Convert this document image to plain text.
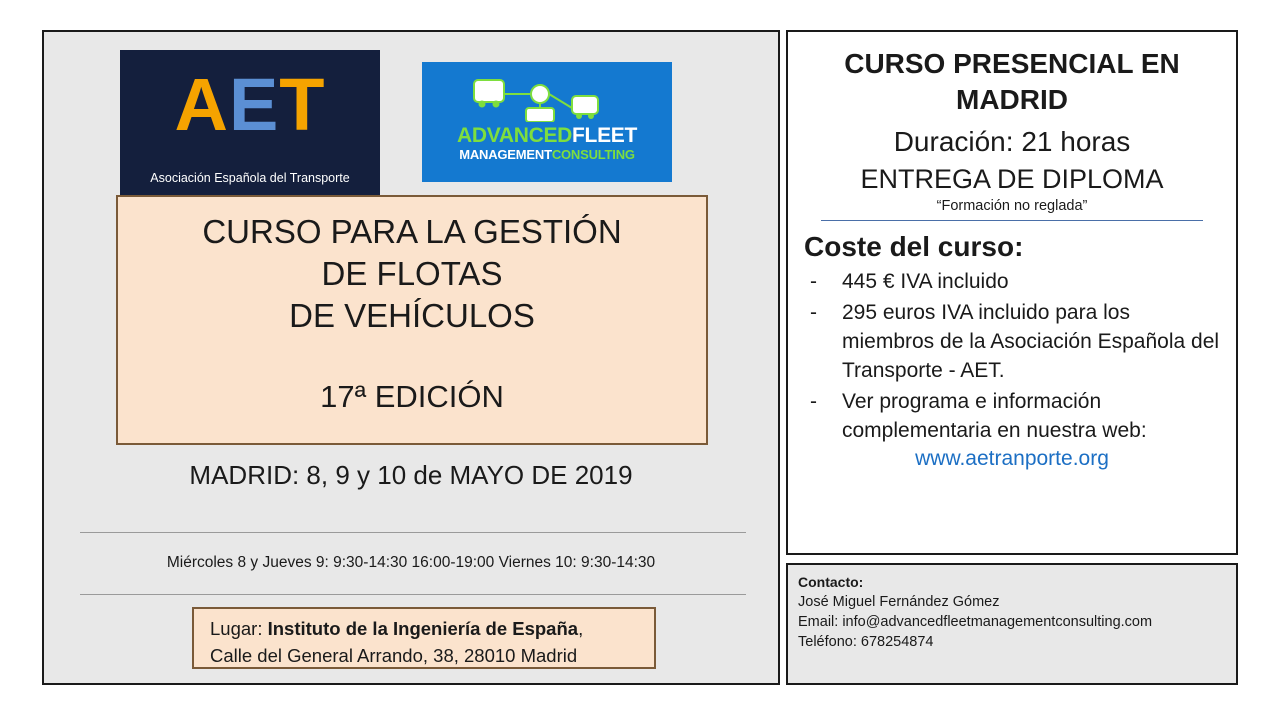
AET
Asociación Española del Transporte
ADVANCEDFLEET
MANAGEMENTCONSULTING
CURSO PARA LA GESTIÓN
DE FLOTAS
DE VEHÍCULOS
17ª EDICIÓN
MADRID: 8, 9 y 10 de MAYO DE 2019
Miércoles 8 y Jueves 9: 9:30-14:30 16:00-19:00 Viernes 10: 9:30-14:30
Lugar: Instituto de la Ingeniería de España,
Calle del General Arrando, 38, 28010 Madrid
CURSO PRESENCIAL EN
MADRID
Duración: 21 horas
ENTREGA DE DIPLOMA
“Formación no reglada”
Coste del curso:
- 445 € IVA incluido
- 295 euros IVA incluido para los miembros de la Asociación Española del Transporte - AET.
- Ver programa e información complementaria en nuestra web:
www.aetranporte.org
Contacto:
José Miguel Fernández Gómez
Email: info@advancedfleetmanagementconsulting.com
Teléfono: 678254874
